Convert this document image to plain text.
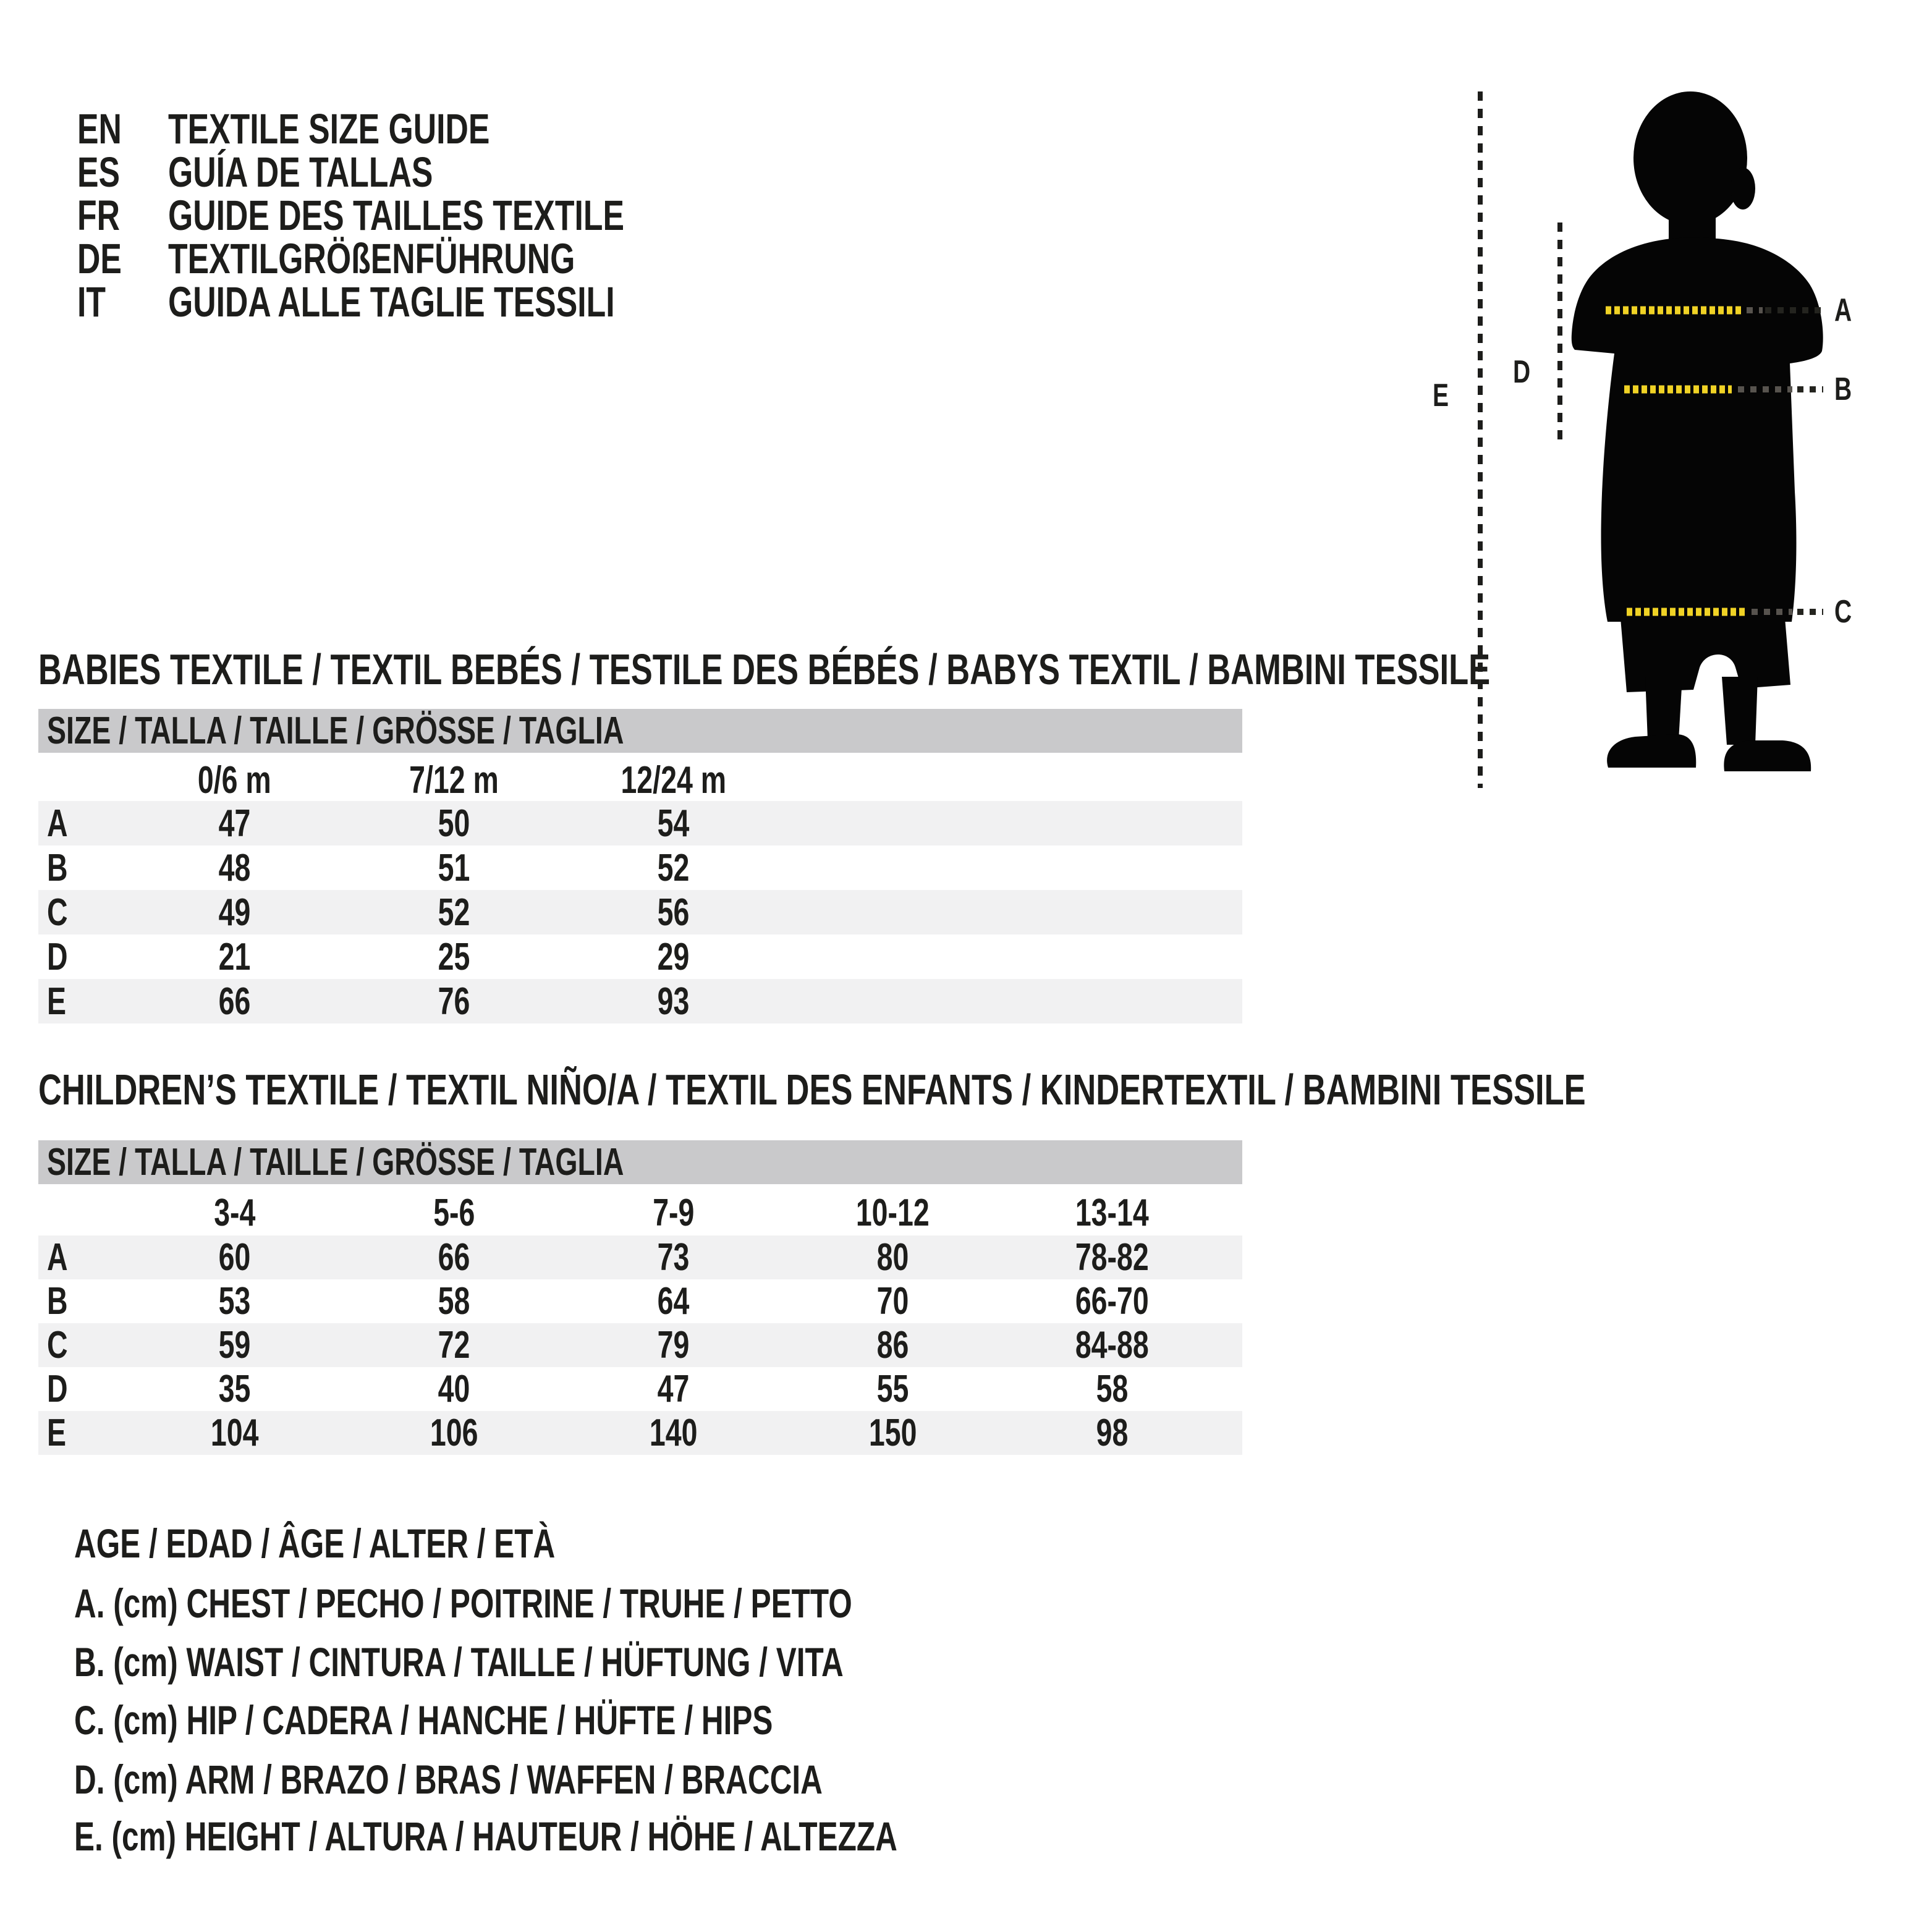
EN	TEXTILE SIZE GUIDE
ES	GUÍA DE TALLAS
FR	GUIDE DES TAILLES TEXTILE
DE	TEXTILGRÖßENFÜHRUNG
IT GUIDA ALLE TAGLIE TESSILI	A
B
C
D
E
BABIES TEXTILE / TEXTIL BEBÉS / TESTILE DES BÉBÉS / BABYS TEXTIL / BAMBINI TESSILE
SIZE / TALLA / TAILLE / GRÖSSE / TAGLIA
0/6 m	7/12 m	12/24 m
A	47	50	54
B	48	51	52
C	49	52	56
D	21	25	29
E	66	76	93
CHILDREN’S TEXTILE / TEXTIL NIÑO/A / TEXTIL DES ENFANTS / KINDERTEXTIL / BAMBINI TESSILE
SIZE / TALLA / TAILLE / GRÖSSE / TAGLIA
3-4	5-6	7-9	10-12	13-14
A	60	66	73	80	78-82
B	53	58	64	70	66-70
C	59	72	79	86	84-88
D	35	40	47	55	58
E	104	106	140	150	98
AGE / EDAD / ÂGE / ALTER / ETÀ
A. (cm) CHEST / PECHO / POITRINE / TRUHE / PETTO
B. (cm) WAIST / CINTURA / TAILLE / HÜFTUNG / VITA
C. (cm) HIP / CADERA / HANCHE / HÜFTE / HIPS
D. (cm) ARM / BRAZO / BRAS / WAFFEN / BRACCIA
E. (cm) HEIGHT / ALTURA / HAUTEUR / HÖHE / ALTEZZA
